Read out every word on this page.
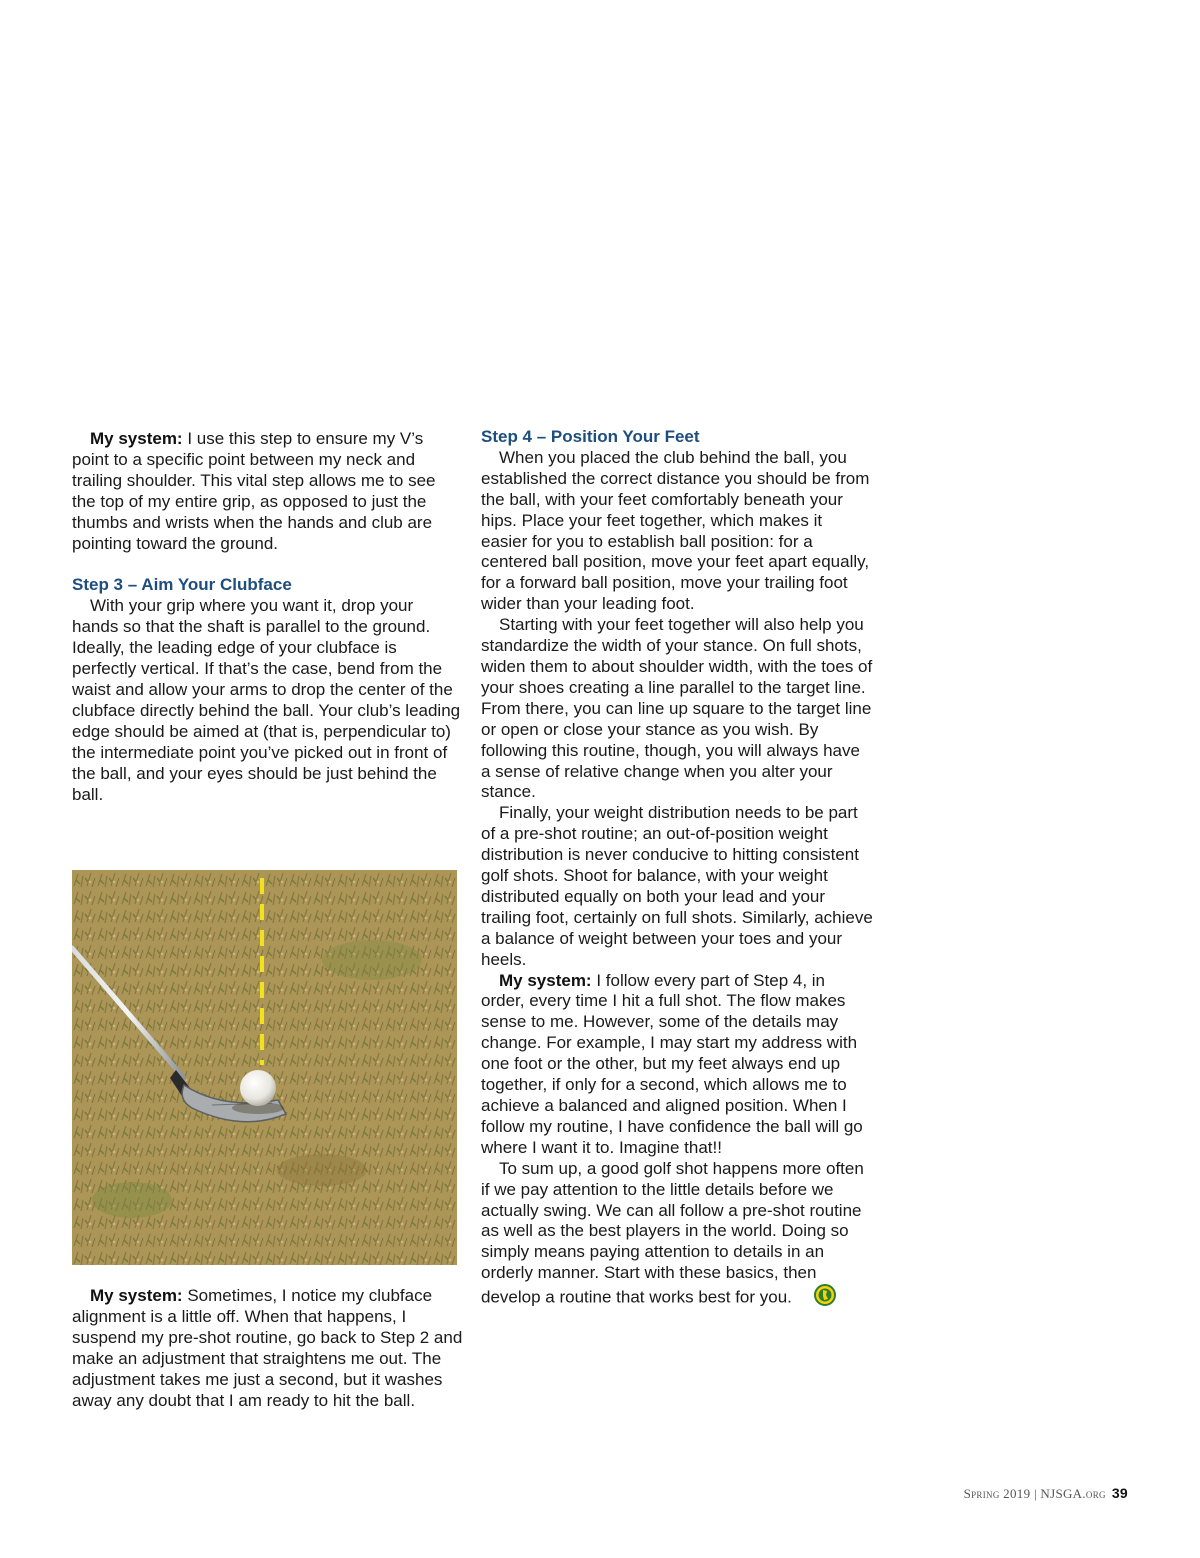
My system: I use this step to ensure my V’s point to a specific point between my neck and trailing shoulder. This vital step allows me to see the top of my entire grip, as opposed to just the thumbs and wrists when the hands and club are pointing toward the ground.

Step 3 – Aim Your Clubface

With your grip where you want it, drop your hands so that the shaft is parallel to the ground. Ideally, the leading edge of your clubface is perfectly vertical. If that’s the case, bend from the waist and allow your arms to drop the center of the clubface directly behind the ball. Your club’s leading edge should be aimed at (that is, perpendicular to) the intermediate point you’ve picked out in front of the ball, and your eyes should be just behind the ball.

My system: Sometimes, I notice my clubface alignment is a little off. When that happens, I suspend my pre-shot routine, go back to Step 2 and make an adjustment that straightens me out. The adjustment takes me just a second, but it washes away any doubt that I am ready to hit the ball.

Step 4 – Position Your Feet

When you placed the club behind the ball, you established the correct distance you should be from the ball, with your feet comfortably beneath your hips. Place your feet together, which makes it easier for you to establish ball position: for a centered ball position, move your feet apart equally, for a forward ball position, move your trailing foot wider than your leading foot.

Starting with your feet together will also help you standardize the width of your stance. On full shots, widen them to about shoulder width, with the toes of your shoes creating a line parallel to the target line. From there, you can line up square to the target line or open or close your stance as you wish. By following this routine, though, you will always have a sense of relative change when you alter your stance.

Finally, your weight distribution needs to be part of a pre-shot routine; an out-of-position weight distribution is never conducive to hitting consistent golf shots. Shoot for balance, with your weight distributed equally on both your lead and your trailing foot, certainly on full shots. Similarly, achieve a balance of weight between your toes and your heels.

My system: I follow every part of Step 4, in order, every time I hit a full shot. The flow makes sense to me. However, some of the details may change. For example, I may start my address with one foot or the other, but my feet always end up together, if only for a second, which allows me to achieve a balanced and aligned position. When I follow my routine, I have confidence the ball will go where I want it to. Imagine that!!

To sum up, a good golf shot happens more often if we pay attention to the little details before we actually swing. We can all follow a pre-shot routine as well as the best players in the world. Doing so simply means paying attention to details in an orderly manner. Start with these basics, then develop a routine that works best for you.

Spring 2019 | NJSGA.org 39
